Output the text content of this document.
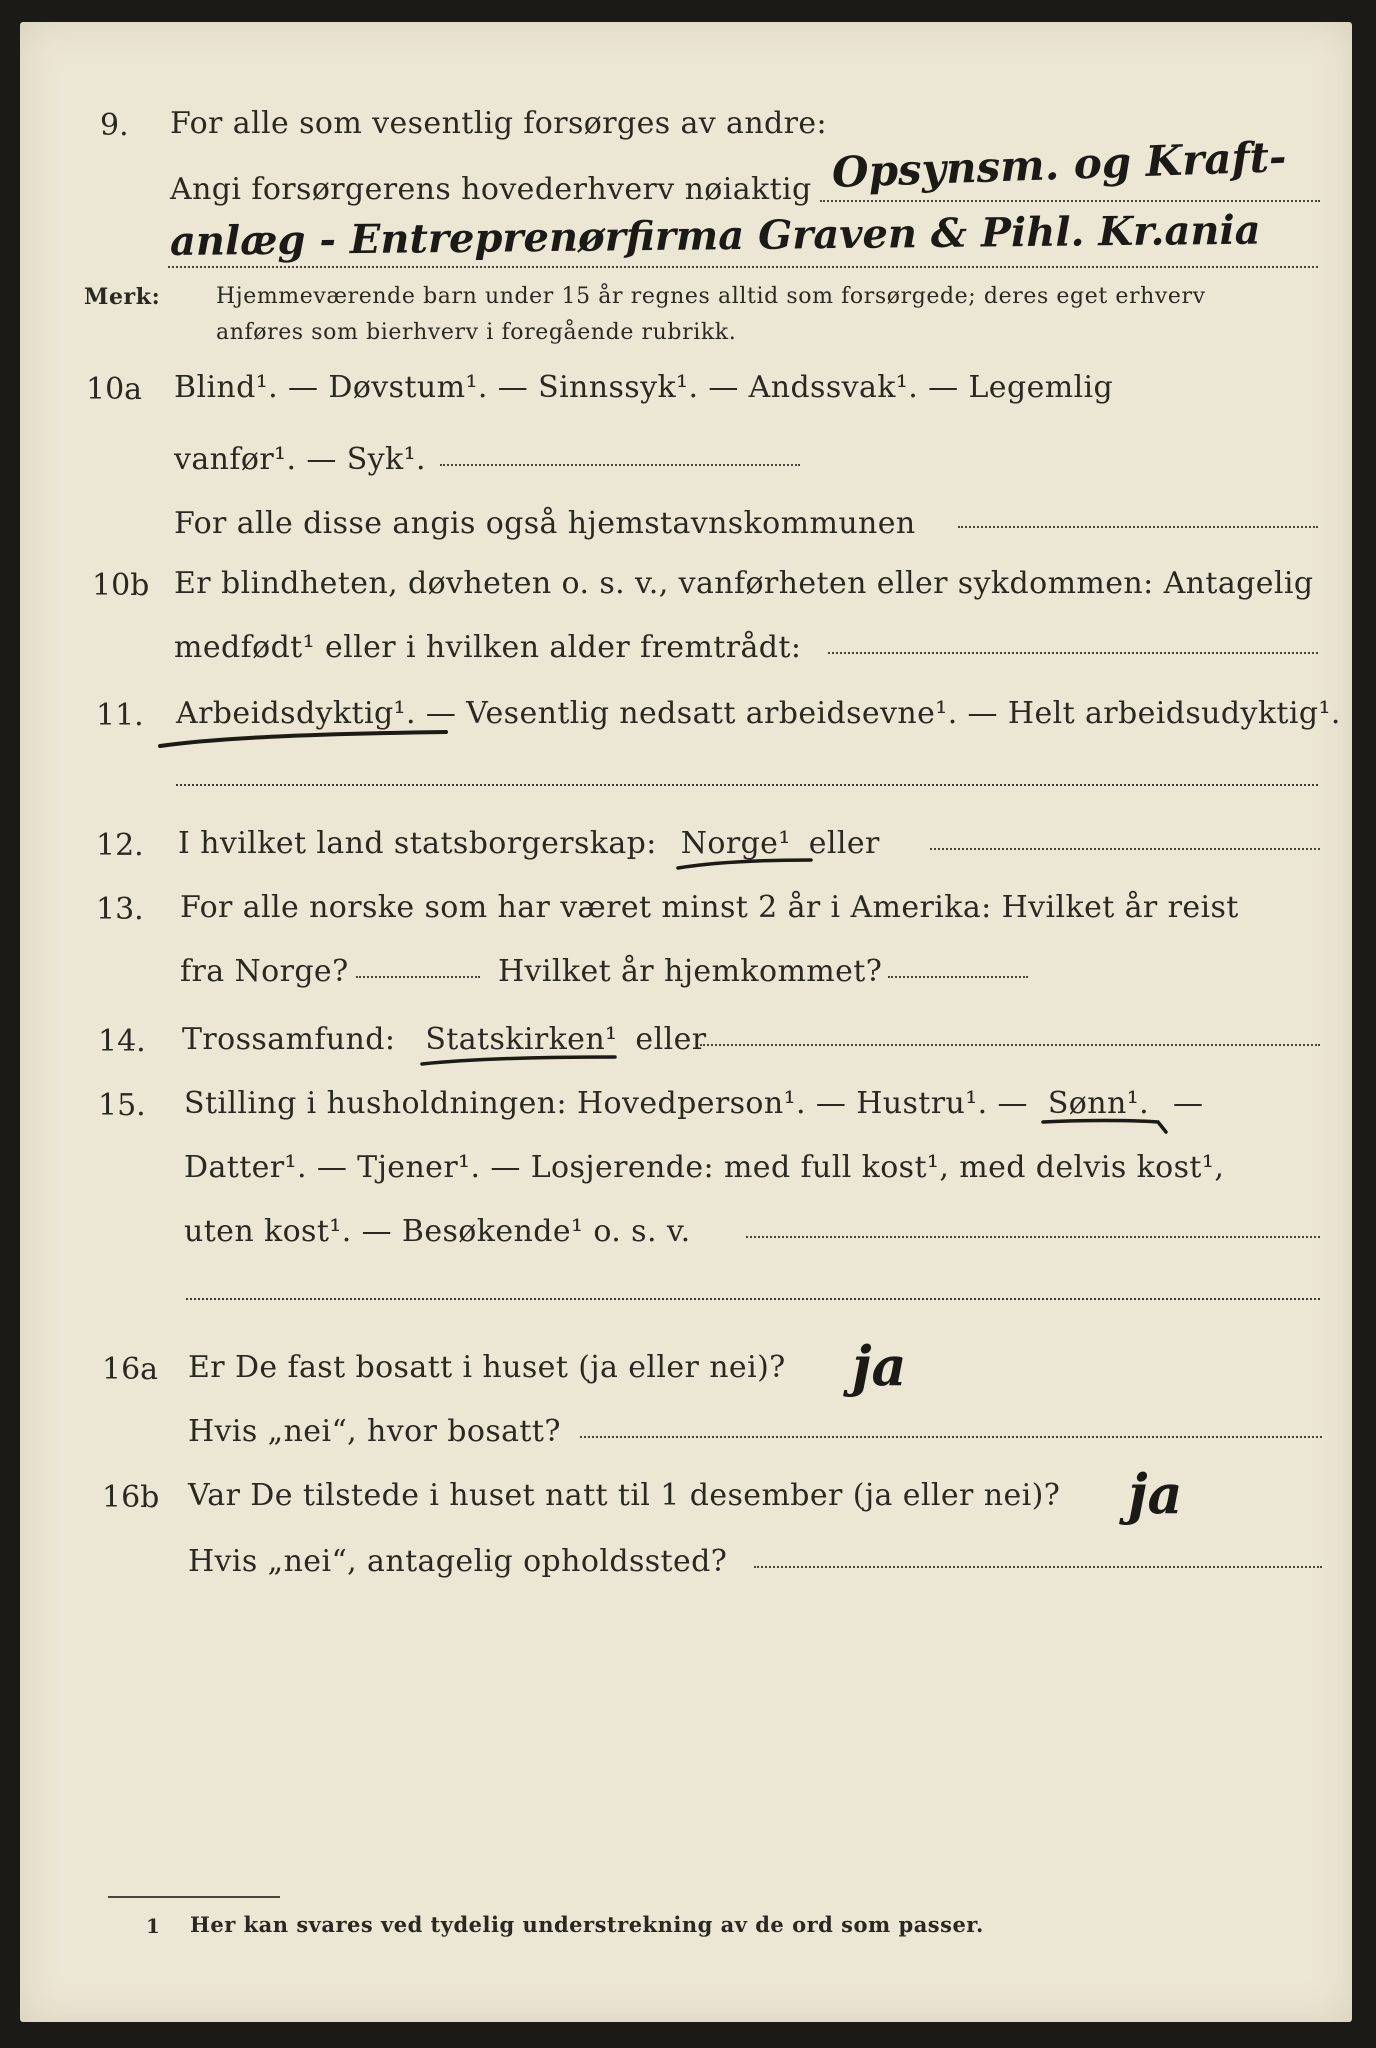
9. For alle som vesentlig forsørges av andre:
Angi forsørgerens hovederhverv nøiaktig Opsynsm. og Kraft-
anlæg - Entreprenørfirma Graven & Pihl. Kr.ania
Merk:	Hjemmeværende barn under 15 år regnes alltid som forsørgede; deres eget erhverv
anføres som bierhverv i foregående rubrikk.
10a Blind¹. — Døvstum¹. — Sinnssyk¹. — Andssvak¹. — Legemlig
vanfør¹. — Syk¹.
For alle disse angis også hjemstavnskommunen
10b Er blindheten, døvheten o. s. v., vanførheten eller sykdommen: Antagelig
medfødt¹ eller i hvilken alder fremtrådt:
11. Arbeidsdyktig¹. — Vesentlig nedsatt arbeidsevne¹. — Helt arbeidsudyktig¹.
12. I hvilket land statsborgerskap: Norge¹ eller
13. For alle norske som har været minst 2 år i Amerika: Hvilket år reist
fra Norge?	Hvilket år hjemkommet?
14. Trossamfund: Statskirken¹ eller
15. Stilling i husholdningen: Hovedperson¹. — Hustru¹. — Sønn¹. —
Datter¹. — Tjener¹. — Losjerende: med full kost¹, med delvis kost¹,
uten kost¹. — Besøkende¹ o. s. v.
16a Er De fast bosatt i huset (ja eller nei)? ja
Hvis „nei“, hvor bosatt?
16b Var De tilstede i huset natt til 1 desember (ja eller nei)? ja
Hvis „nei“, antagelig opholdssted?
1 Her kan svares ved tydelig understrekning av de ord som passer.
